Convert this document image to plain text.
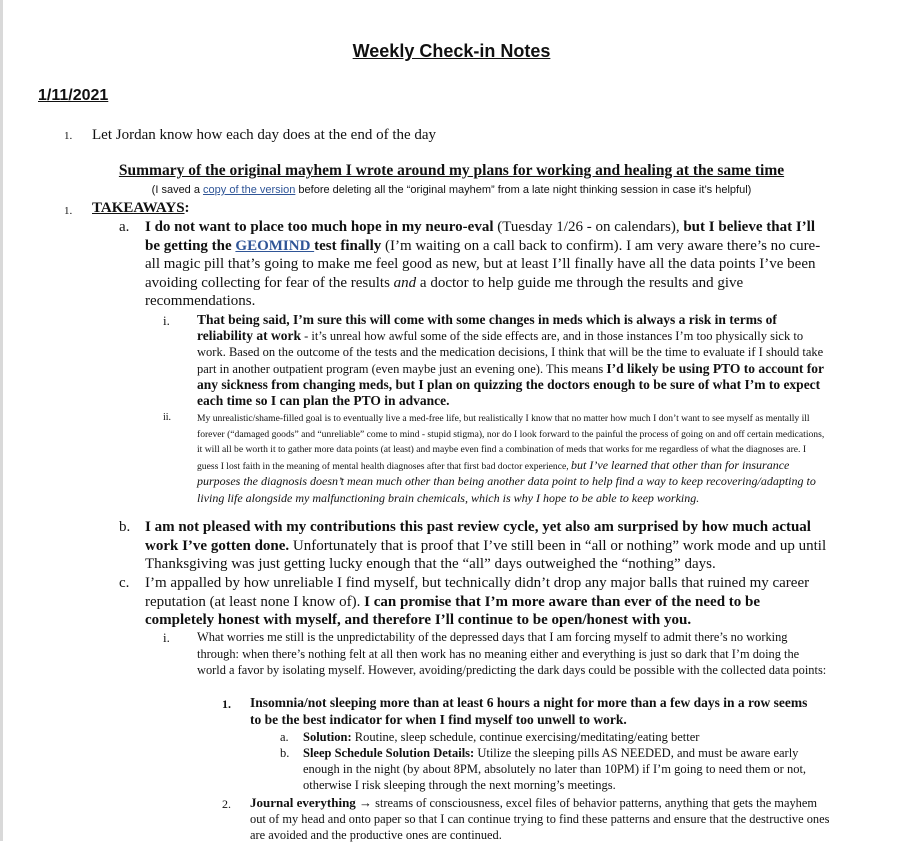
Weekly Check-in Notes
1/11/2021
1. Let Jordan know how each day does at the end of the day
Summary of the original mayhem I wrote around my plans for working and healing at the same time
(I saved a copy of the version before deleting all the “original mayhem” from a late night thinking session in case it’s helpful)
1. TAKEAWAYS:
a. I do not want to place too much hope in my neuro-eval (Tuesday 1/26 - on calendars), but I believe that I’ll be getting the GEOMIND test finally (I’m waiting on a call back to confirm). I am very aware there’s no cure-all magic pill that’s going to make me feel good as new, but at least I’ll finally have all the data points I’ve been avoiding collecting for fear of the results and a doctor to help guide me through the results and give recommendations.
i. That being said, I’m sure this will come with some changes in meds which is always a risk in terms of reliability at work - it’s unreal how awful some of the side effects are, and in those instances I’m too physically sick to work. Based on the outcome of the tests and the medication decisions, I think that will be the time to evaluate if I should take part in another outpatient program (even maybe just an evening one). This means I’d likely be using PTO to account for any sickness from changing meds, but I plan on quizzing the doctors enough to be sure of what I’m to expect each time so I can plan the PTO in advance.
ii.	My unrealistic/shame-filled goal is to eventually live a med-free life, but realistically I know that no matter how much I don’t want to see myself as mentally ill forever (“damaged goods” and “unreliable” come to mind - stupid stigma), nor do I look forward to the painful the process of going on and off certain medications, it will all be worth it to gather more data points (at least) and maybe even find a combination of meds that works for me regardless of what the diagnoses are. I guess I lost faith in the meaning of mental health diagnoses after that first bad doctor experience, but I’ve learned that other than for insurance purposes the diagnosis doesn’t mean much other than being another data point to help find a way to keep recovering/adapting to living life alongside my malfunctioning brain chemicals, which is why I hope to be able to keep working.
b. I am not pleased with my contributions this past review cycle, yet also am surprised by how much actual work I’ve gotten done. Unfortunately that is proof that I’ve still been in “all or nothing” work mode and up until Thanksgiving was just getting lucky enough that the “all” days outweighed the “nothing” days.
c. I’m appalled by how unreliable I find myself, but technically didn’t drop any major balls that ruined my career reputation (at least none I know of). I can promise that I’m more aware than ever of the need to be completely honest with myself, and therefore I’ll continue to be open/honest with you.
i. What worries me still is the unpredictability of the depressed days that I am forcing myself to admit there’s no working through: when there’s nothing felt at all then work has no meaning either and everything is just so dark that I’m doing the world a favor by isolating myself. However, avoiding/predicting the dark days could be possible with the collected data points:
1. Insomnia/not sleeping more than at least 6 hours a night for more than a few days in a row seems to be the best indicator for when I find myself too unwell to work.
a. Solution: Routine, sleep schedule, continue exercising/meditating/eating better
b. Sleep Schedule Solution Details: Utilize the sleeping pills AS NEEDED, and must be aware early enough in the night (by about 8PM, absolutely no later than 10PM) if I’m going to need them or not, otherwise I risk sleeping through the next morning’s meetings.
2. Journal everything → streams of consciousness, excel files of behavior patterns, anything that gets the mayhem out of my head and onto paper so that I can continue trying to find these patterns and ensure that the destructive ones are avoided and the productive ones are continued.
